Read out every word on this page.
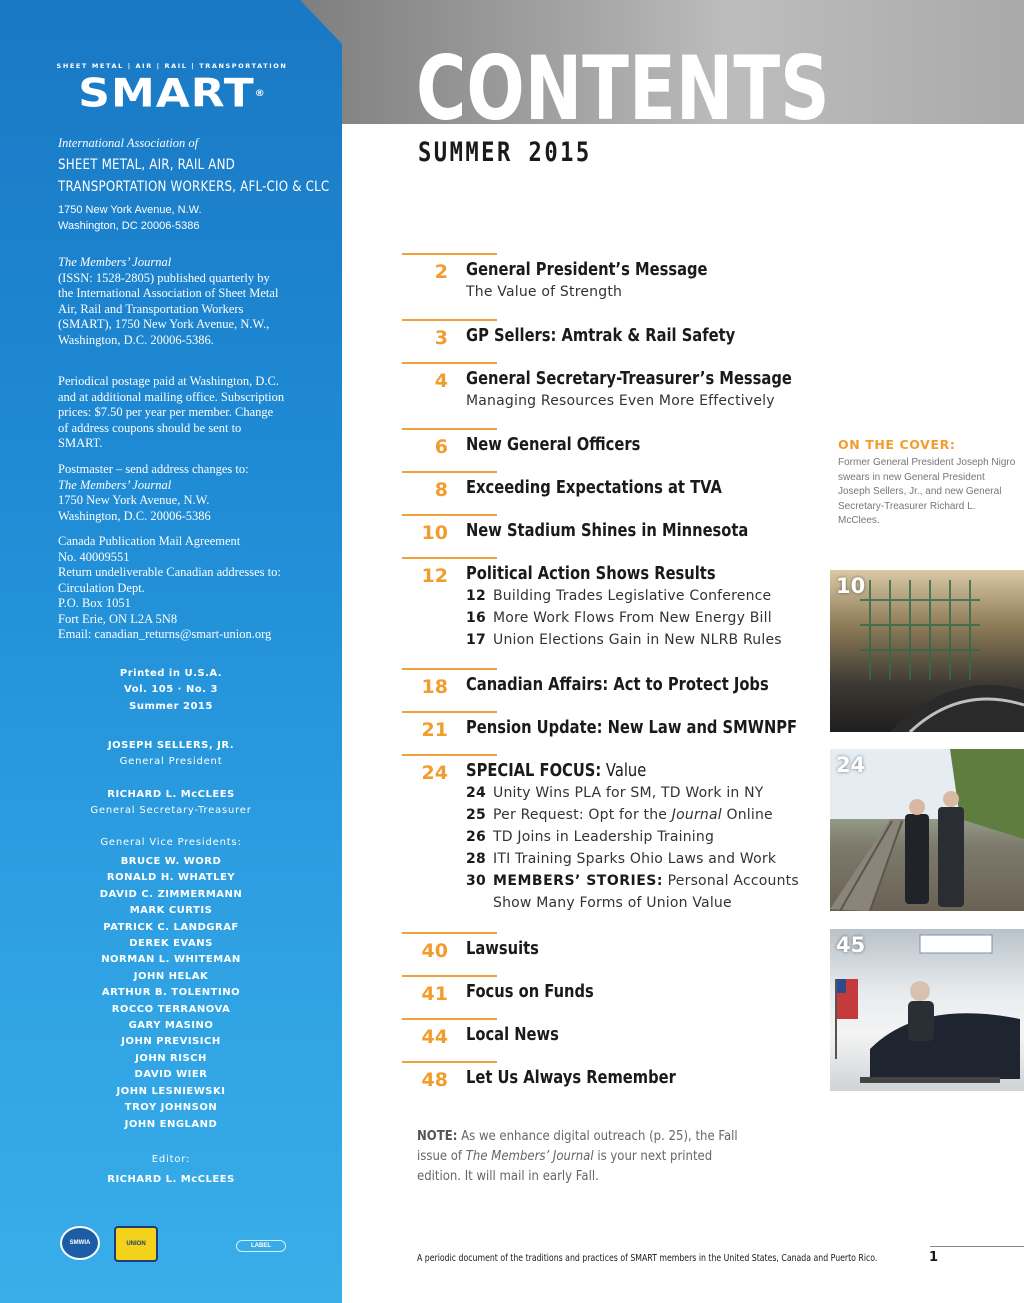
SHEET METAL | AIR | RAIL | TRANSPORTATION
SMART®
International Association of
SHEET METAL, AIR, RAIL AND
TRANSPORTATION WORKERS, AFL-CIO & CLC
1750 New York Avenue, N.W.
Washington, DC 20006-5386
The Members’ Journal
(ISSN: 1528-2805) published quarterly by the International Association of Sheet Metal Air, Rail and Transportation Workers (SMART), 1750 New York Avenue, N.W., Washington, D.C. 20006-5386.
Periodical postage paid at Washington, D.C. and at additional mailing office. Subscription prices: $7.50 per year per member. Change of address coupons should be sent to SMART.
Postmaster – send address changes to:
The Members’ Journal
1750 New York Avenue, N.W.
Washington, D.C. 20006-5386
Canada Publication Mail Agreement
No. 40009551
Return undeliverable Canadian addresses to:
Circulation Dept.
P.O. Box 1051
Fort Erie, ON L2A 5N8
Email: canadian_returns@smart-union.org
Printed in U.S.A.
Vol. 105 · No. 3
Summer 2015
JOSEPH SELLERS, JR.
General President
RICHARD L. McCLEES
General Secretary-Treasurer
General Vice Presidents:
BRUCE W. WORD
RONALD H. WHATLEY
DAVID C. ZIMMERMANN
MARK CURTIS
PATRICK C. LANDGRAF
DEREK EVANS
NORMAN L. WHITEMAN
JOHN HELAK
ARTHUR B. TOLENTINO
ROCCO TERRANOVA
GARY MASINO
JOHN PREVISICH
JOHN RISCH
DAVID WIER
JOHN LESNIEWSKI
TROY JOHNSON
JOHN ENGLAND
Editor:
RICHARD L. McCLEES
SMWIA	UNION	LABEL
CONTENTS
SUMMER 2015
2 General President’s Message
The Value of Strength
3 GP Sellers: Amtrak & Rail Safety
4 General Secretary-Treasurer’s Message
Managing Resources Even More Effectively
6 New General Officers
8 Exceeding Expectations at TVA
10 New Stadium Shines in Minnesota
12 Political Action Shows Results
12 Building Trades Legislative Conference
16 More Work Flows From New Energy Bill
17 Union Elections Gain in New NLRB Rules
18 Canadian Affairs: Act to Protect Jobs
21 Pension Update: New Law and SMWNPF
24 SPECIAL FOCUS: Value
24 Unity Wins PLA for SM, TD Work in NY
25 Per Request: Opt for the Journal Online
26 TD Joins in Leadership Training
28 ITI Training Sparks Ohio Laws and Work
30 MEMBERS’ STORIES: Personal Accounts
Show Many Forms of Union Value
40 Lawsuits
41 Focus on Funds
44 Local News
48 Let Us Always Remember
ON THE COVER:
Former General President Joseph Nigro swears in new General President Joseph Sellers, Jr., and new General Secretary-Treasurer Richard L. McClees.
10
24
45
NOTE: As we enhance digital outreach (p. 25), the Fall issue of The Members’ Journal is your next printed edition. It will mail in early Fall.
A periodic document of the traditions and practices of SMART members in the United States, Canada and Puerto Rico.	1
